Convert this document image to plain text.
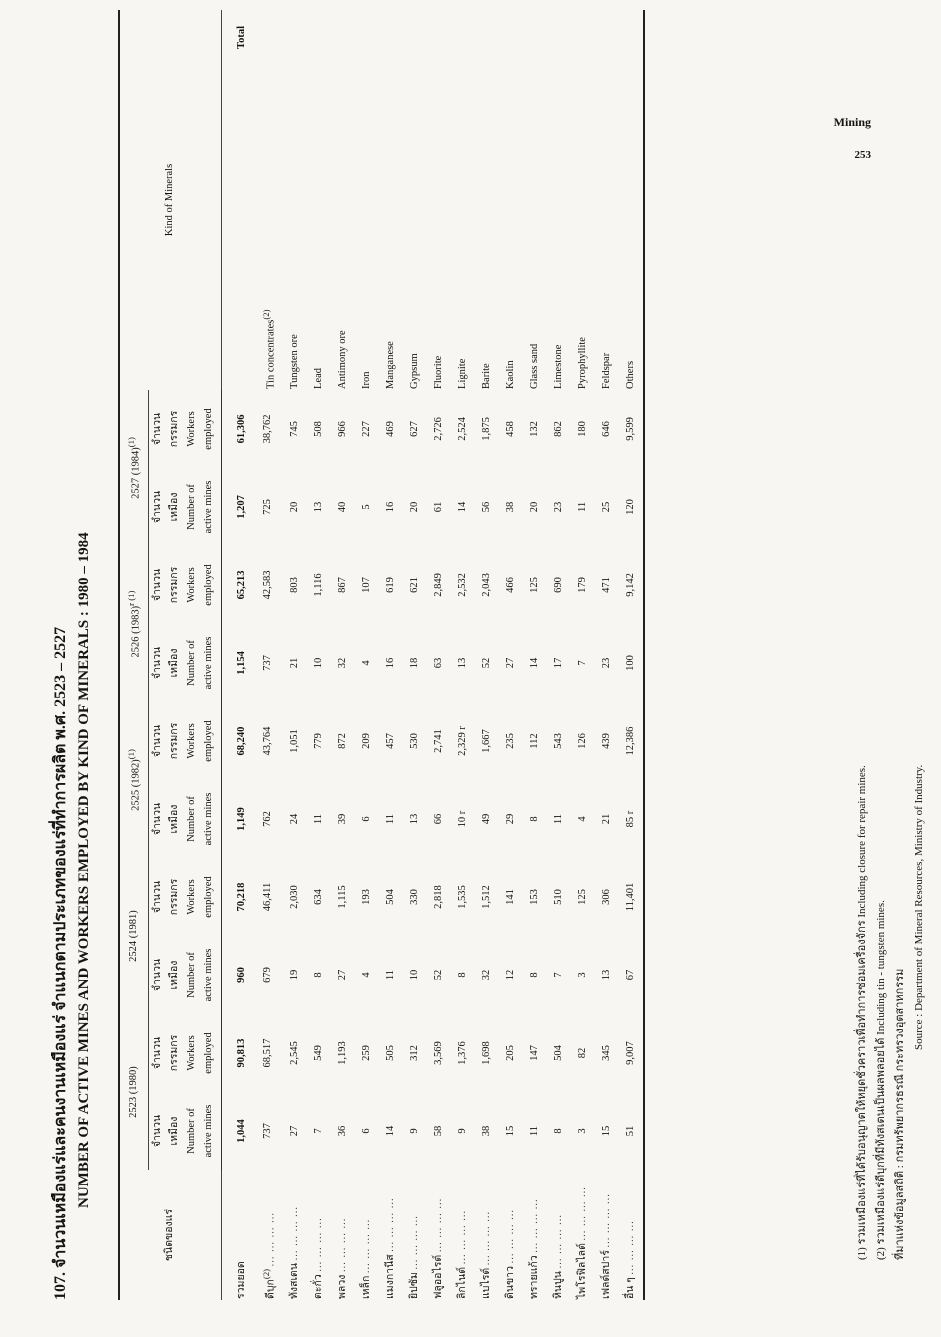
Mining
253
107. จำนวนเหมืองแร่และคนงานเหมืองแร่ จำแนกตามประเภทของแร่ที่ทำการผลิต พ.ศ. 2523 – 2527 NUMBER OF ACTIVE MINES AND WORKERS EMPLOYED BY KIND OF MINERALS : 1980 – 1984
ชนิดของแร่	2523 (1980)		2524 (1981)		2525 $(1982)^{(1)}$		2526 $(1983)^{r (1)}$		2527 $(1984)^{(1)}$		Kind of Minerals
	จำนวน	จำนวน	จำนวน	จำนวน	จำนวน	จำนวน	จำนวน	จำนวน	จำนวน	จำนวน	
	เหมือง	กรรมกร	เหมือง	กรรมกร	เหมือง	กรรมกร	เหมือง	กรรมกร	เหมือง	กรรมกร	
	Number of	Workers	Number of	Workers	Number of	Workers	Number of	Workers	Number of	Workers	
	active mines	employed	active mines	employed	active mines	employed	active mines	employed	active mines	employed	
รวมยอด	1,044	90,813	960	70,218	1,149	68,240	1,154	65,213	1,207	61,306	Total
ดีบุก$^{(2)}$ ... ... ... ...	737	68,517	679	46,411	762	43,764	737	42,583	725	38,762	Tin concentrates$^{(2)}$
ทังสเตน ... ... ... ...	27	2,545	19	2,030	24	1,051	21	803	20	745	Tungsten ore
ตะกั่ว ... ... ... ...	7	549	8	634	11	779	10	1,116	13	508	Lead
พลวง ... ... ... ...	36	1,193	27	1,115	39	872	32	867	40	966	Antimony ore
เหล็ก ... ... ... ...	6	259	4	193	6	209	4	107	5	227	Iron
แมงกานีส ... ... ... ...	14	505	11	504	11	457	16	619	16	469	Manganese
ยิปซัม ... ... ... ...	9	312	10	330	13	530	18	621	20	627	Gypsum
ฟลูออไรต์ ... ... ... ...	58	3,569	52	2,818	66	2,741	63	2,849	61	2,726	Fluorite
ลิกไนต์ ... ... ... ...	9	1,376	8	1,535	10 r	2,329 r	13	2,532	14	2,524	Lignite
แบไรต์ ... ... ... ...	38	1,698	32	1,512	49	1,667	52	2,043	56	1,875	Barite
ดินขาว ... ... ... ...	15	205	12	141	29	235	27	466	38	458	Kaolin
ทรายแก้ว ... ... ... ...	11	147	8	153	8	112	14	125	20	132	Glass sand
หินปูน ... ... ... ...	8	504	7	510	11	543	17	690	23	862	Limestone
ไพโรฟิลไลต์ ... ... ... ...	3	82	3	125	4	126	7	179	11	180	Pyrophyllite
เฟลด์สปาร์ ... ... ... ...	15	345	13	306	21	439	23	471	25	646	Feldspar
อื่น ๆ ... ... ... ...	51	9,007	67	11,401	85 r	12,386	100	9,142	120	9,599	Others
(1) รวมเหมืองแร่ที่ได้รับอนุญาตให้หยุดชั่วคราวเพื่อทำการซ่อมเครื่องจักร Including closure for repair mines. (2) รวมเหมืองแร่ดีบุกที่มีทังสเตนเป็นผลพลอยได้ Including tin - tungsten mines. ที่มาแห่งข้อมูลสถิติ : กรมทรัพยากรธรณี กระทรวงอุตสาหกรรม
Source : Department of Mineral Resources, Ministry of Industry.
